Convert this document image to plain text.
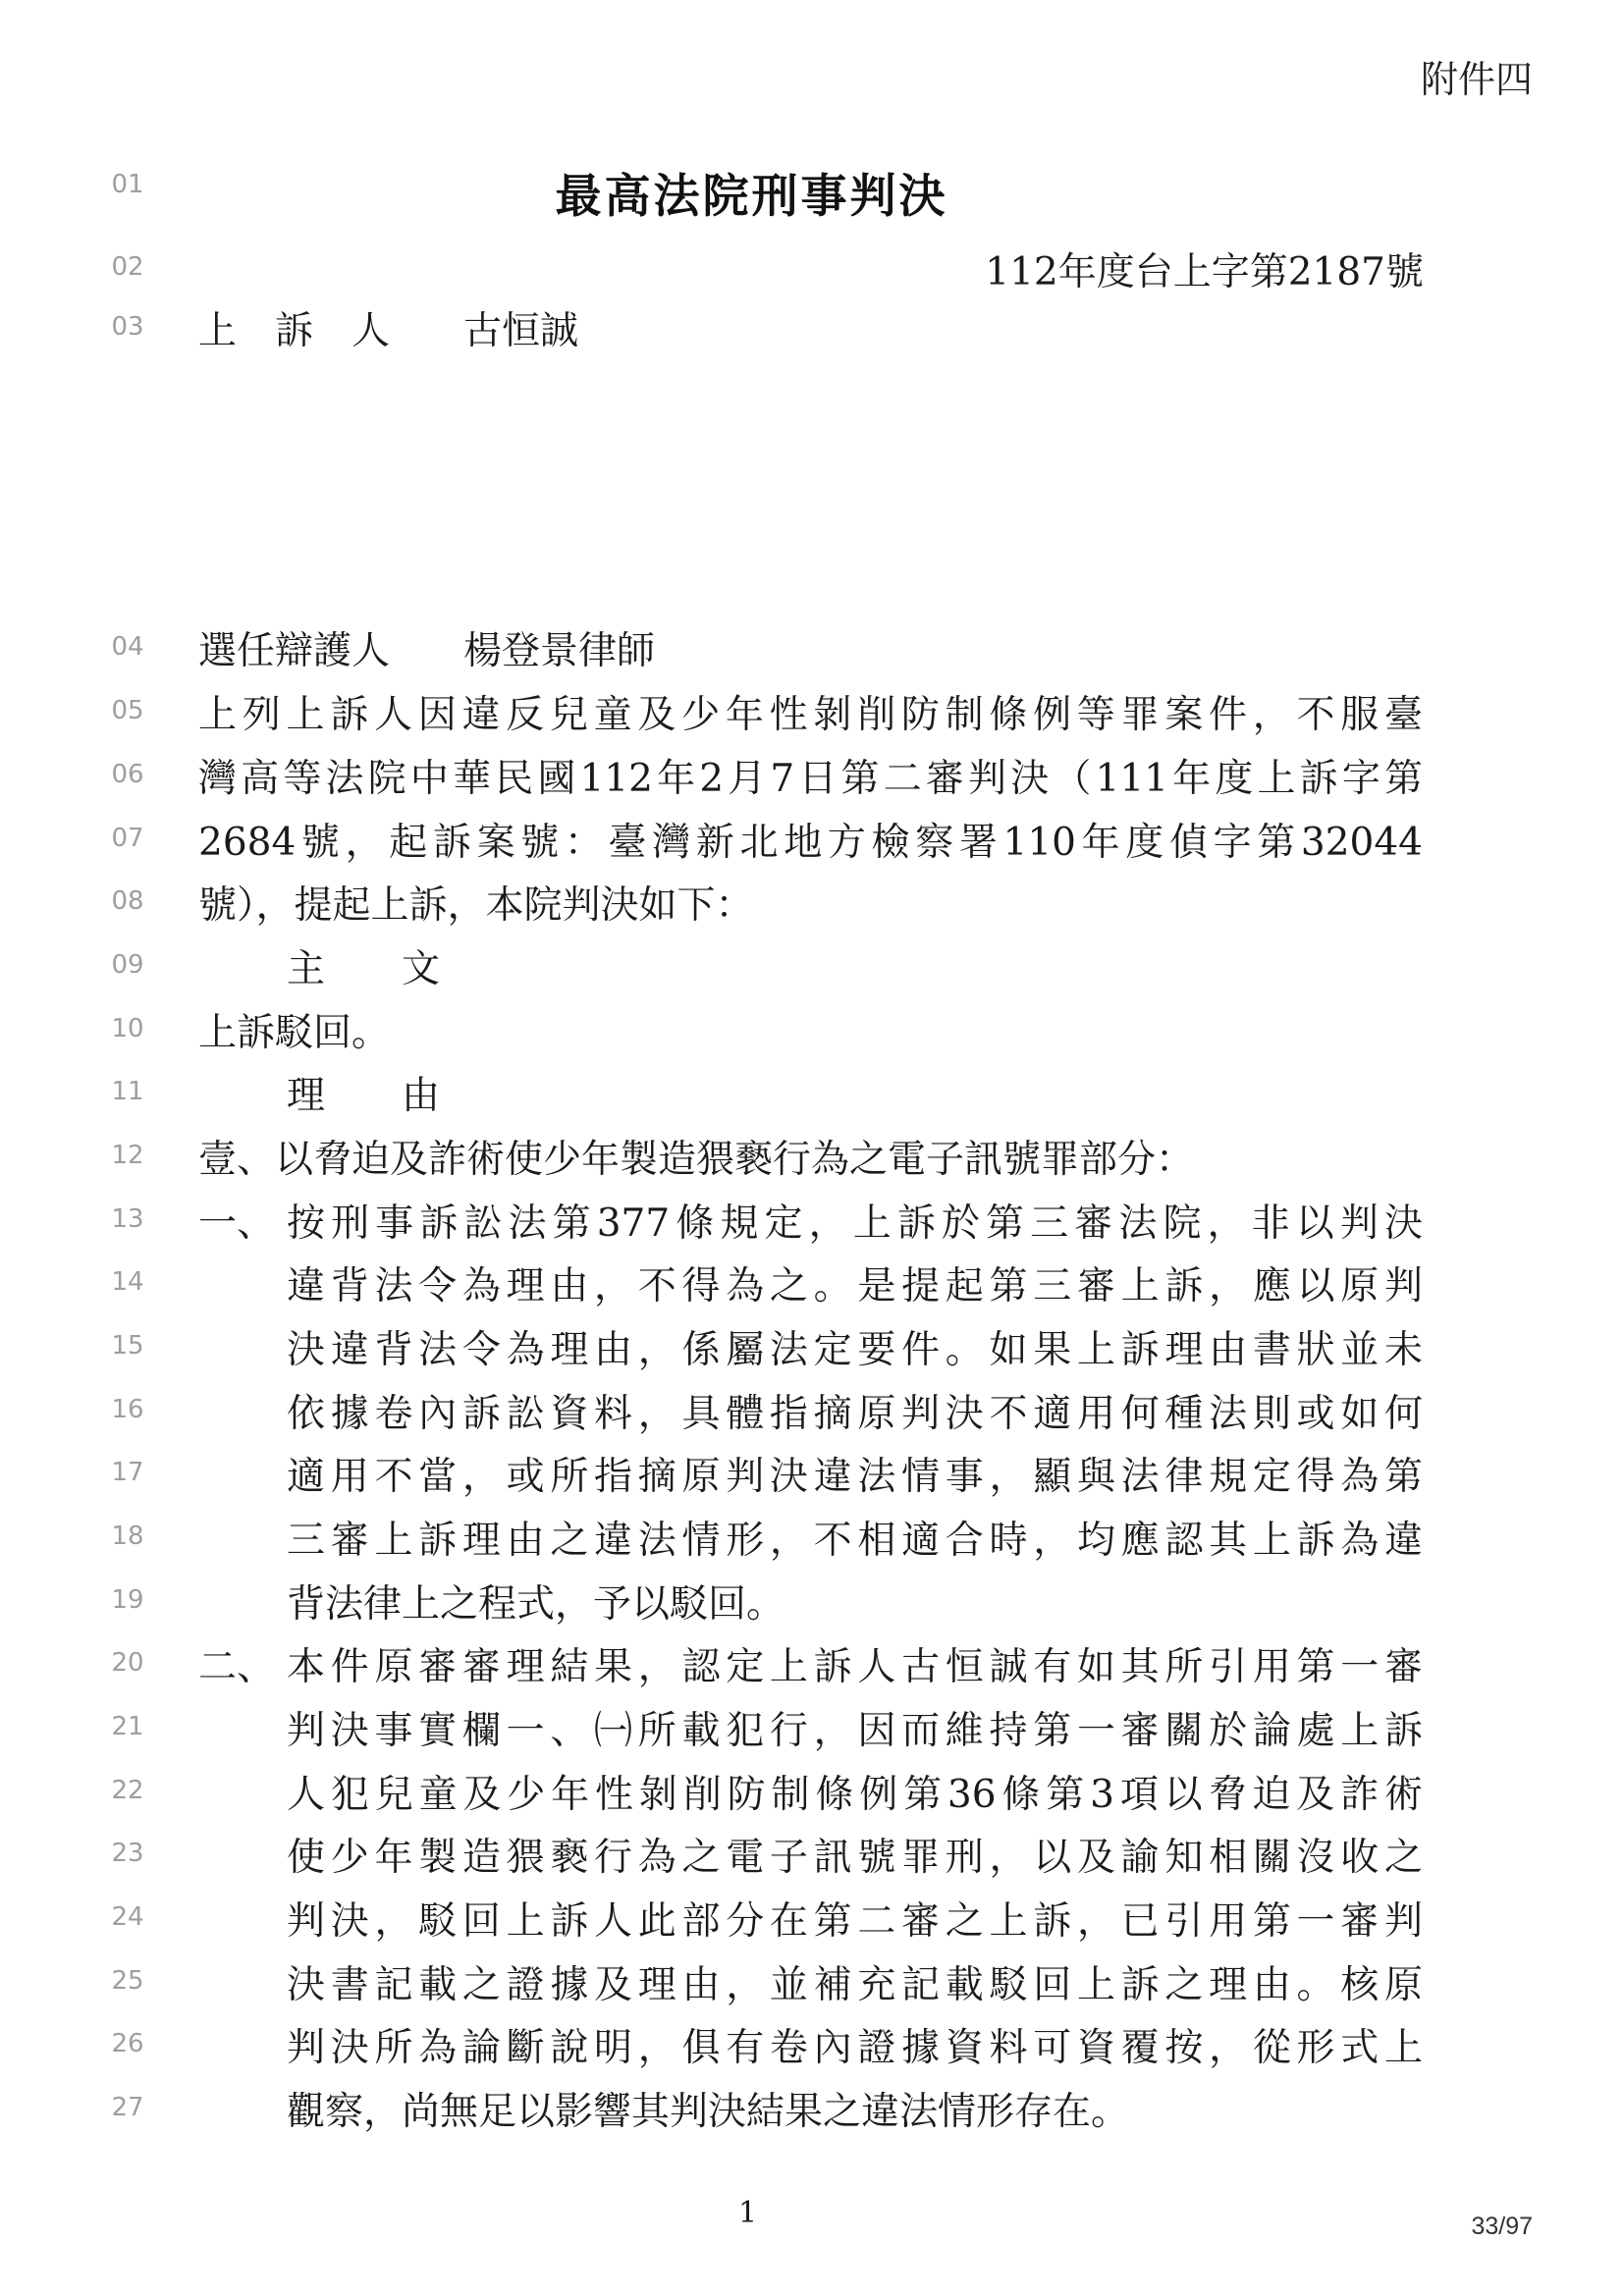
附件四
01
02
03
04
05
06
07
08
09
10
11
12
13
14
15
16
17
18
19
20
21
22
23
24
25
26
27
最高法院刑事判決
112年度台上字第2187號
上　訴　人 古恒誠
選任辯護人 楊登景律師
上列上訴人因違反兒童及少年性剝削防制條例等罪案件，不服臺
灣高等法院中華民國112年2月7日第二審判決（111年度上訴字第
2684號，起訴案號：臺灣新北地方檢察署110年度偵字第32044
號），提起上訴，本院判決如下：
主　　文
上訴駁回。
理　　由
壹、以脅迫及詐術使少年製造猥褻行為之電子訊號罪部分：
一、 按刑事訴訟法第377條規定，上訴於第三審法院，非以判決
違背法令為理由，不得為之。是提起第三審上訴，應以原判
決違背法令為理由，係屬法定要件。如果上訴理由書狀並未
依據卷內訴訟資料，具體指摘原判決不適用何種法則或如何
適用不當，或所指摘原判決違法情事，顯與法律規定得為第
三審上訴理由之違法情形，不相適合時，均應認其上訴為違
背法律上之程式，予以駁回。
二、 本件原審審理結果，認定上訴人古恒誠有如其所引用第一審
判決事實欄一、㈠所載犯行，因而維持第一審關於論處上訴
人犯兒童及少年性剝削防制條例第36條第3項以脅迫及詐術
使少年製造猥褻行為之電子訊號罪刑，以及諭知相關沒收之
判決，駁回上訴人此部分在第二審之上訴，已引用第一審判
決書記載之證據及理由，並補充記載駁回上訴之理由。核原
判決所為論斷說明，俱有卷內證據資料可資覆按，從形式上
觀察，尚無足以影響其判決結果之違法情形存在。
1	33/97
